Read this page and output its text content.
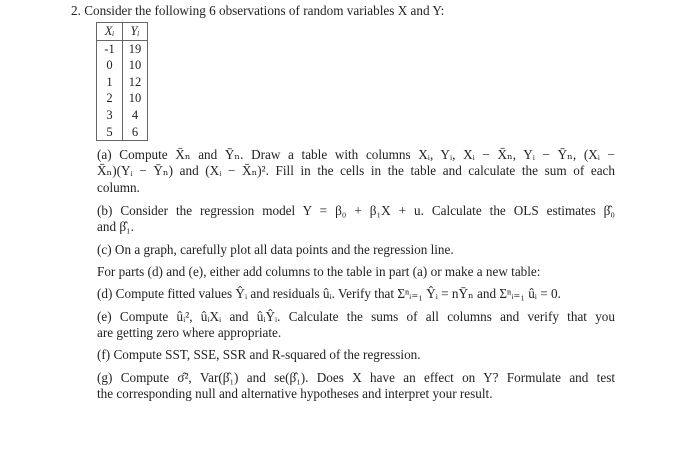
2. Consider the following 6 observations of random variables X and Y:
Xᵢ	Yᵢ
-1	19
0	10
1	12
2	10
3	4
5	6
(a) Compute X̄ₙ and Ȳₙ. Draw a table with columns Xᵢ, Yᵢ, Xᵢ − X̄ₙ, Yᵢ − Ȳₙ, (Xᵢ −
X̄ₙ)(Yᵢ − Ȳₙ) and (Xᵢ − X̄ₙ)². Fill in the cells in the table and calculate the sum of each
column.
(b) Consider the regression model Y = β₀ + β₁X + u. Calculate the OLS estimates β̂₀
and β̂₁.
(c) On a graph, carefully plot all data points and the regression line.
For parts (d) and (e), either add columns to the table in part (a) or make a new table:
(d) Compute fitted values Ŷᵢ and residuals ûᵢ. Verify that Σⁿᵢ₌₁ Ŷᵢ = nȲₙ and Σⁿᵢ₌₁ ûᵢ = 0.
(e) Compute ûᵢ², ûᵢXᵢ and ûᵢŶᵢ. Calculate the sums of all columns and verify that you
are getting zero where appropriate.
(f) Compute SST, SSE, SSR and R-squared of the regression.
(g) Compute σ̂², Var(β̂₁) and se(β̂₁). Does X have an effect on Y? Formulate and test
the corresponding null and alternative hypotheses and interpret your result.
